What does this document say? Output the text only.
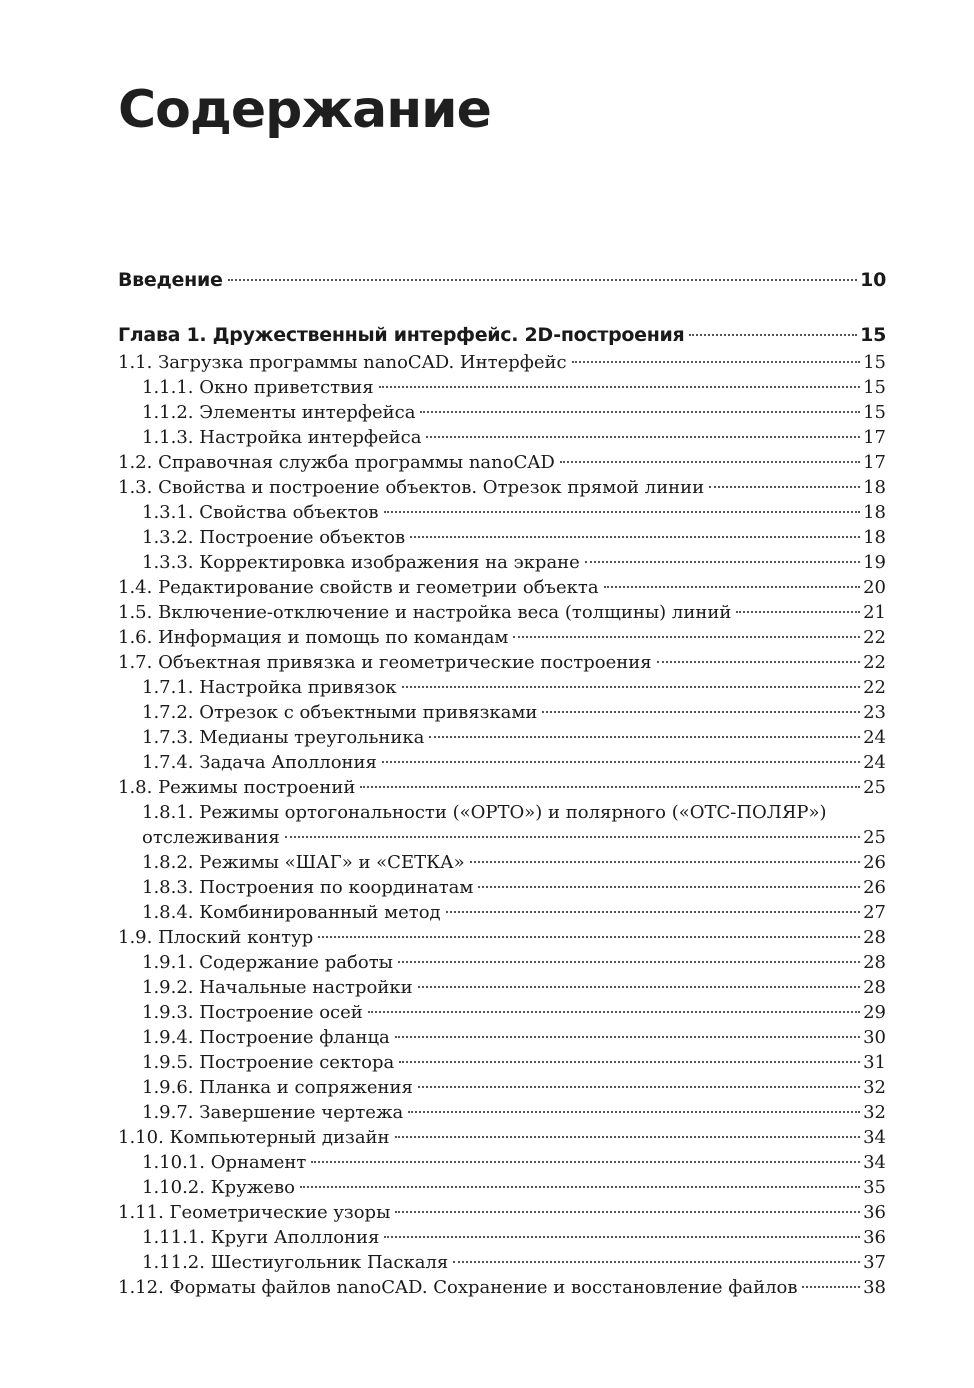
Содержание
Введение	10
Глава 1. Дружественный интерфейс. 2D-построения	15
1.1. Загрузка программы nanoCAD. Интерфейс	15
1.1.1. Окно приветствия	15
1.1.2. Элементы интерфейса	15
1.1.3. Настройка интерфейса	17
1.2. Справочная служба программы nanoCAD	17
1.3. Свойства и построение объектов. Отрезок прямой линии	18
1.3.1. Свойства объектов	18
1.3.2. Построение объектов	18
1.3.3. Корректировка изображения на экране	19
1.4. Редактирование свойств и геометрии объекта	20
1.5. Включение-отключение и настройка веса (толщины) линий	21
1.6. Информация и помощь по командам	22
1.7. Объектная привязка и геометрические построения	22
1.7.1. Настройка привязок	22
1.7.2. Отрезок с объектными привязками	23
1.7.3. Медианы треугольника	24
1.7.4. Задача Аполлония	24
1.8. Режимы построений	25
1.8.1. Режимы ортогональности («ОРТО») и полярного («ОТС-ПОЛЯР»)
отслеживания	25
1.8.2. Режимы «ШАГ» и «СЕТКА»	26
1.8.3. Построения по координатам	26
1.8.4. Комбинированный метод	27
1.9. Плоский контур	28
1.9.1. Содержание работы	28
1.9.2. Начальные настройки	28
1.9.3. Построение осей	29
1.9.4. Построение фланца	30
1.9.5. Построение сектора	31
1.9.6. Планка и сопряжения	32
1.9.7. Завершение чертежа	32
1.10. Компьютерный дизайн	34
1.10.1. Орнамент	34
1.10.2. Кружево	35
1.11. Геометрические узоры	36
1.11.1. Круги Аполлония	36
1.11.2. Шестиугольник Паскаля	37
1.12. Форматы файлов nanoCAD. Сохранение и восстановление файлов	38
